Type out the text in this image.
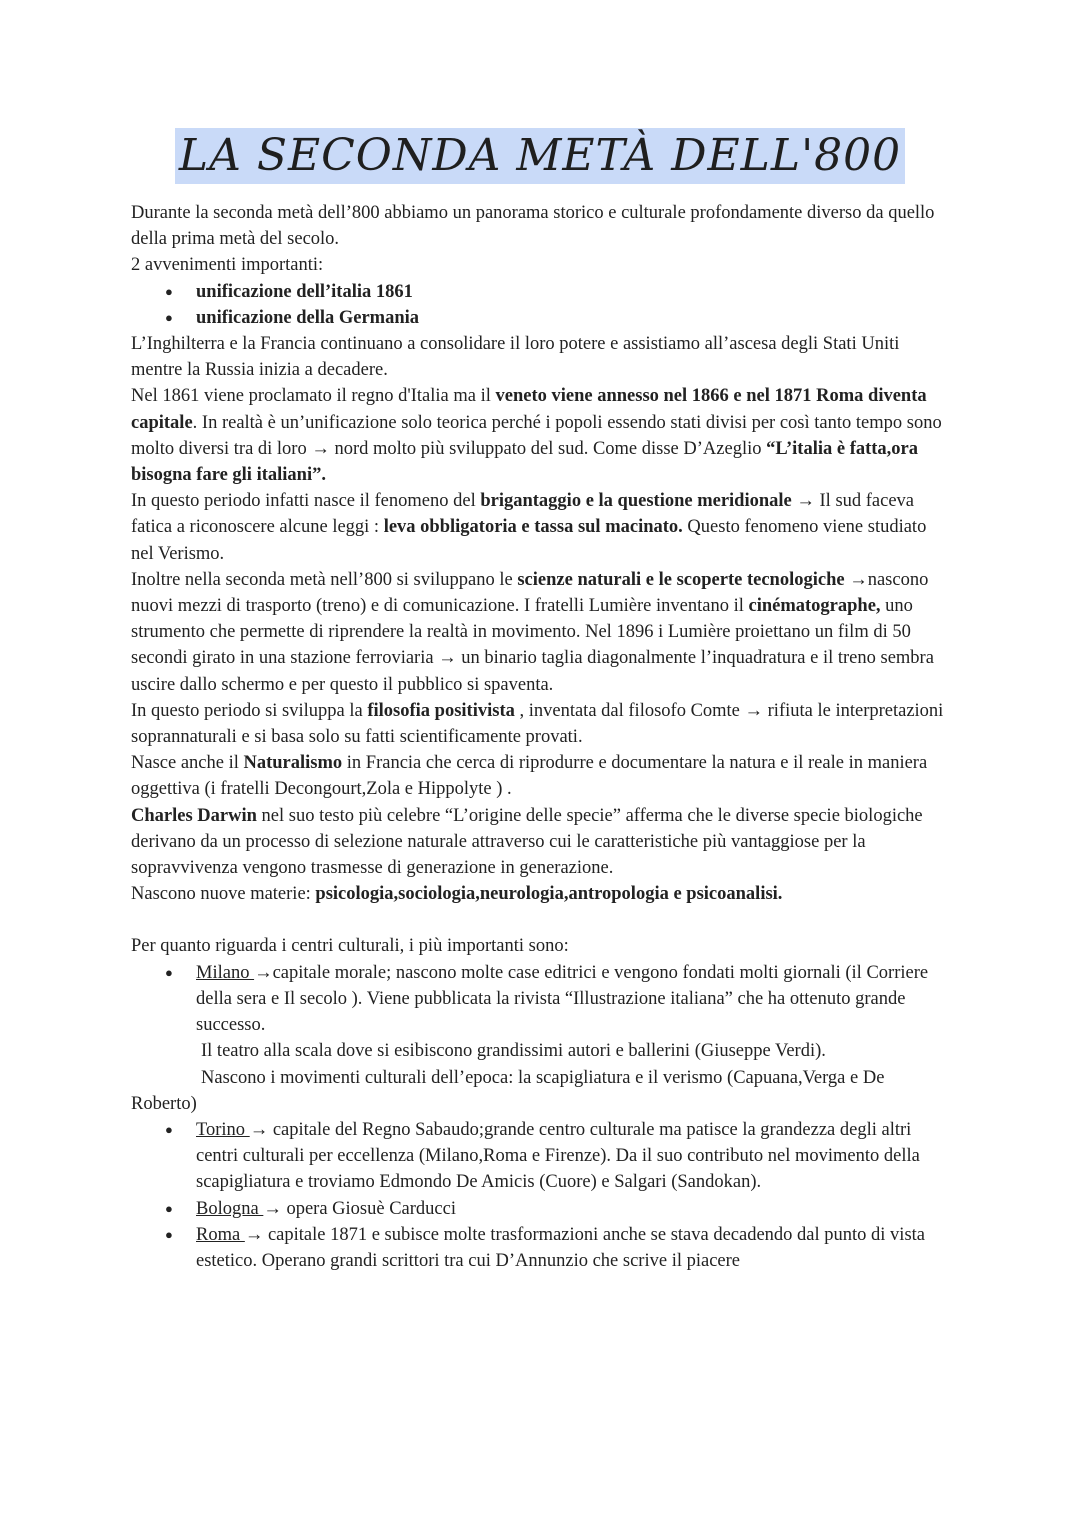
LA SECONDA METÀ DELL'800

Durante la seconda metà dell’800 abbiamo un panorama storico e culturale profondamente diverso da quello della prima metà del secolo.

2 avvenimenti importanti:

● unificazione dell’italia 1861
● unificazione della Germania

L’Inghilterra e la Francia continuano a consolidare il loro potere e assistiamo all’ascesa degli Stati Uniti mentre la Russia inizia a decadere.

Nel 1861 viene proclamato il regno d'Italia ma il veneto viene annesso nel 1866 e nel 1871 Roma diventa capitale. In realtà è un’unificazione solo teorica perché i popoli essendo stati divisi per così tanto tempo sono molto diversi tra di loro → nord molto più sviluppato del sud. Come disse D’Azeglio “L’italia è fatta,ora bisogna fare gli italiani”.

In questo periodo infatti nasce il fenomeno del brigantaggio e la questione meridionale → Il sud faceva fatica a riconoscere alcune leggi : leva obbligatoria e tassa sul macinato. Questo fenomeno viene studiato nel Verismo.

Inoltre nella seconda metà nell’800 si sviluppano le scienze naturali e le scoperte tecnologiche →nascono nuovi mezzi di trasporto (treno) e di comunicazione. I fratelli Lumière inventano il cinématographe, uno strumento che permette di riprendere la realtà in movimento. Nel 1896 i Lumière proiettano un film di 50 secondi girato in una stazione ferroviaria → un binario taglia diagonalmente l’inquadratura e il treno sembra uscire dallo schermo e per questo il pubblico si spaventa.

In questo periodo si sviluppa la filosofia positivista , inventata dal filosofo Comte → rifiuta le interpretazioni soprannaturali e si basa solo su fatti scientificamente provati.

Nasce anche il Naturalismo in Francia che cerca di riprodurre e documentare la natura e il reale in maniera oggettiva (i fratelli Decongourt,Zola e Hippolyte ) .

Charles Darwin nel suo testo più celebre “L’origine delle specie” afferma che le diverse specie biologiche derivano da un processo di selezione naturale attraverso cui le caratteristiche più vantaggiose per la sopravvivenza vengono trasmesse di generazione in generazione.

Nascono nuove materie: psicologia,sociologia,neurologia,antropologia e psicoanalisi.

Per quanto riguarda i centri culturali, i più importanti sono:

● Milano →capitale morale; nascono molte case editrici e vengono fondati molti giornali (il Corriere della sera e Il secolo ). Viene pubblicata la rivista “Illustrazione italiana” che ha ottenuto grande successo.

Il teatro alla scala dove si esibiscono grandissimi autori e ballerini (Giuseppe Verdi).

Nascono i movimenti culturali dell’epoca: la scapigliatura e il verismo (Capuana,Verga e De

Roberto)

● Torino → capitale del Regno Sabaudo;grande centro culturale ma patisce la grandezza degli altri centri culturali per eccellenza (Milano,Roma e Firenze). Da il suo contributo nel movimento della scapigliatura e troviamo Edmondo De Amicis (Cuore) e Salgari (Sandokan).
● Bologna → opera Giosuè Carducci
● Roma → capitale 1871 e subisce molte trasformazioni anche se stava decadendo dal punto di vista estetico. Operano grandi scrittori tra cui D’Annunzio che scrive il piacere
